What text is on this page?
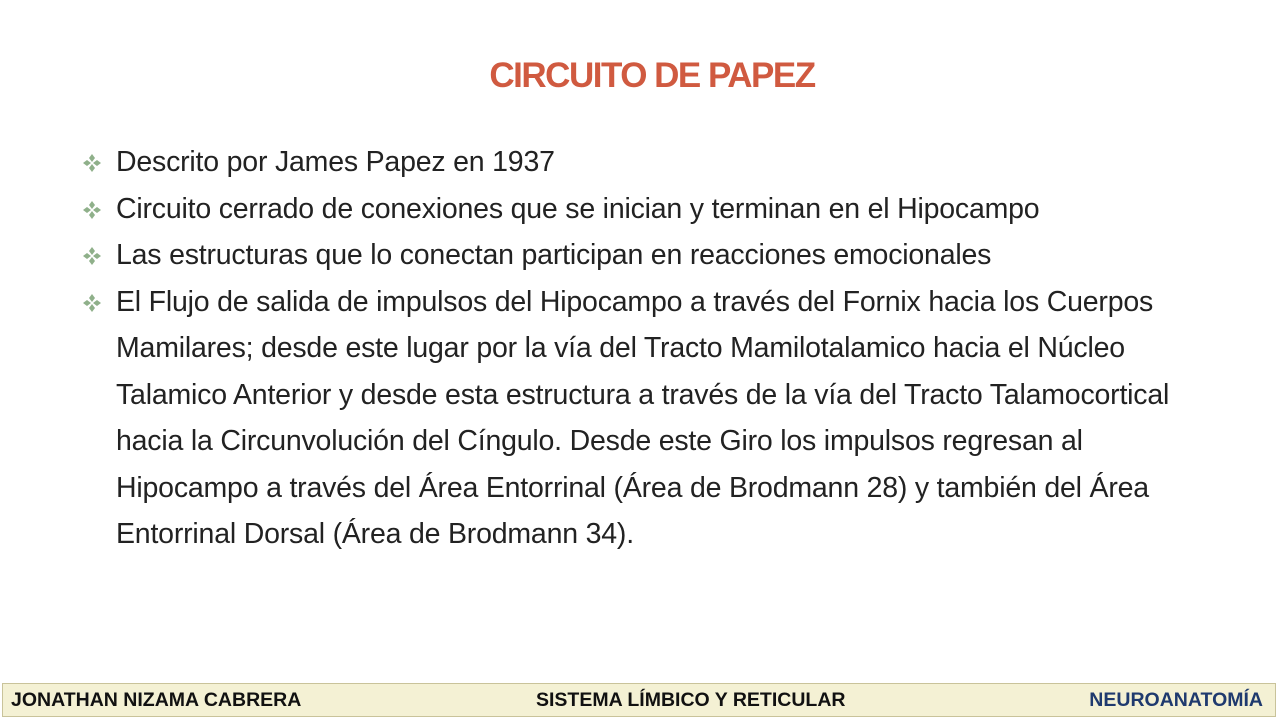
CIRCUITO DE PAPEZ
Descrito por James Papez en 1937
Circuito cerrado de conexiones que se inician y terminan en el Hipocampo
Las estructuras que lo conectan participan en reacciones emocionales
El Flujo de salida de impulsos del Hipocampo a través del Fornix hacia los Cuerpos Mamilares; desde este lugar por la vía del Tracto Mamilotalamico hacia el Núcleo Talamico Anterior y desde esta estructura a través de la vía del Tracto Talamocortical hacia la Circunvolución del Cíngulo. Desde este Giro los impulsos regresan al Hipocampo a través del Área Entorrinal (Área de Brodmann 28) y también del Área Entorrinal Dorsal (Área de Brodmann 34).
JONATHAN NIZAMA CABRERA	SISTEMA LÍMBICO Y RETICULAR	NEUROANATOMÍA
